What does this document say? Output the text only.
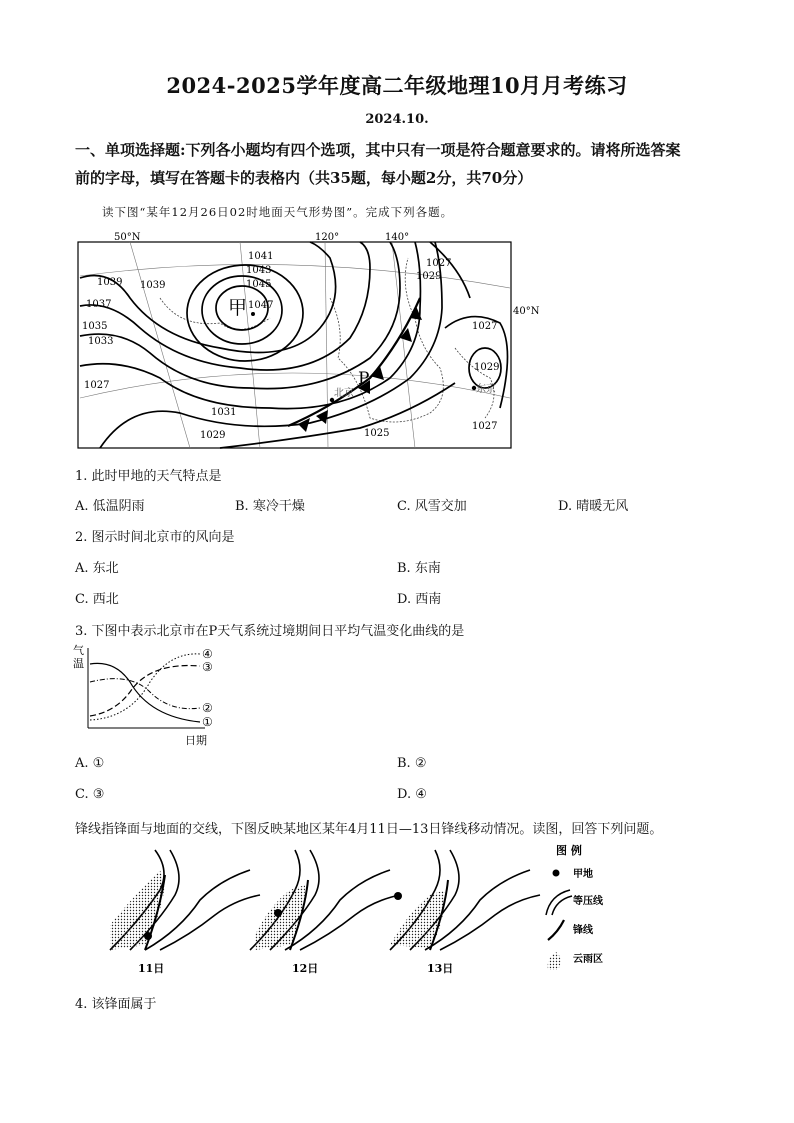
2024-2025学年度高二年级地理10月月考练习
2024.10.
一、单项选择题:下列各小题均有四个选项，其中只有一项是符合题意要求的。请将所选答案
前的字母，填写在答题卡的表格内（共35题，每小题2分，共70分）
读下图“某年12月26日02时地面天气形势图”。完成下列各题。
50°N	120°	140°
40°N
1041
1043
1045
1047
1039 1039
1037
1035
1033
1027
1031
1029	1025
1027
1029
1027
1029
1027
甲
P
北京	东京
1. 此时甲地的天气特点是
A. 低温阴雨	B. 寒冷干燥	C. 风雪交加	D. 晴暖无风
2. 图示时间北京市的风向是
A. 东北	B. 东南
C. 西北	D. 西南
3. 下图中表示北京市在P天气系统过境期间日平均气温变化曲线的是
气
温
④
③
②
①
日期
A. ①	B. ②
C. ③	D. ④
锋线指锋面与地面的交线，下图反映某地区某年4月11日—13日锋线移动情况。读图，回答下列问题。
11日	12日	13日
图 例
甲地
等压线
锋线
云雨区
4. 该锋面属于
